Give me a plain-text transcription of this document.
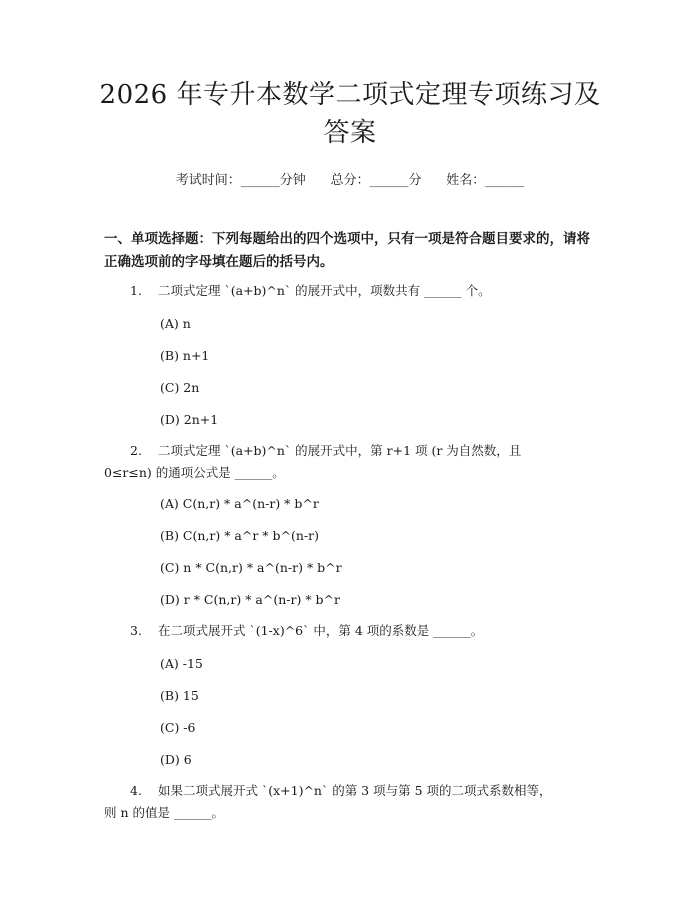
2026 年专升本数学二项式定理专项练习及答案
考试时间：______分钟      总分：______分      姓名：______
一、单项选择题：下列每题给出的四个选项中，只有一项是符合题目要求的，请将正确选项前的字母填在题后的括号内。
1. 二项式定理 `(a+b)^n` 的展开式中，项数共有 ______ 个。
(A) n
(B) n+1
(C) 2n
(D) 2n+1
2. 二项式定理 `(a+b)^n` 的展开式中，第 r+1 项 (r 为自然数，且
0≤r≤n) 的通项公式是 ______。
(A) C(n,r) * a^(n-r) * b^r
(B) C(n,r) * a^r * b^(n-r)
(C) n * C(n,r) * a^(n-r) * b^r
(D) r * C(n,r) * a^(n-r) * b^r
3. 在二项式展开式 `(1-x)^6` 中，第 4 项的系数是 ______。
(A) -15
(B) 15
(C) -6
(D) 6
4. 如果二项式展开式 `(x+1)^n` 的第 3 项与第 5 项的二项式系数相等，
则 n 的值是 ______。
